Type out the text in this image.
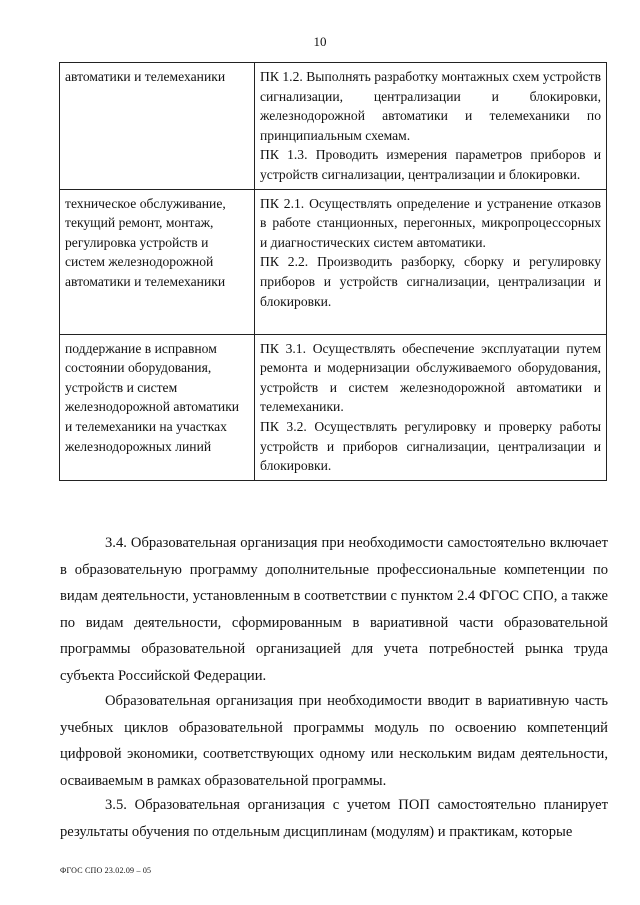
10
автоматики и телемеханики	ПК 1.2. Выполнять разработку монтажных схем устройств сигнализации, централизации и блокировки, железнодорожной автоматики и телемеханики по принципиальным схемам.
ПК 1.3. Проводить измерения параметров приборов и устройств сигнализации, централизации и блокировки.

техническое обслуживание, текущий ремонт, монтаж, регулировка устройств и систем железнодорожной автоматики и телемеханики	ПК 2.1. Осуществлять определение и устранение отказов в работе станционных, перегонных, микропроцессорных и диагностических систем автоматики.
ПК 2.2. Производить разборку, сборку и регулировку приборов и устройств сигнализации, централизации и блокировки.

поддержание в исправном состоянии оборудования, устройств и систем железнодорожной автоматики и телемеханики на участках железнодорожных линий	ПК 3.1. Осуществлять обеспечение эксплуатации путем ремонта и модернизации обслуживаемого оборудования, устройств и систем железнодорожной автоматики и телемеханики.
ПК 3.2. Осуществлять регулировку и проверку работы устройств и приборов сигнализации, централизации и блокировки.

3.4. Образовательная организация при необходимости самостоятельно включает в образовательную программу дополнительные профессиональные компетенции по видам деятельности, установленным в соответствии с пунктом 2.4 ФГОС СПО, а также по видам деятельности, сформированным в вариативной части образовательной программы образовательной организацией для учета потребностей рынка труда субъекта Российской Федерации.

Образовательная организация при необходимости вводит в вариативную часть учебных циклов образовательной программы модуль по освоению компетенций цифровой экономики, соответствующих одному или нескольким видам деятельности, осваиваемым в рамках образовательной программы.

3.5. Образовательная организация с учетом ПОП самостоятельно планирует результаты обучения по отдельным дисциплинам (модулям) и практикам, которые

ФГОС СПО 23.02.09 – 05
